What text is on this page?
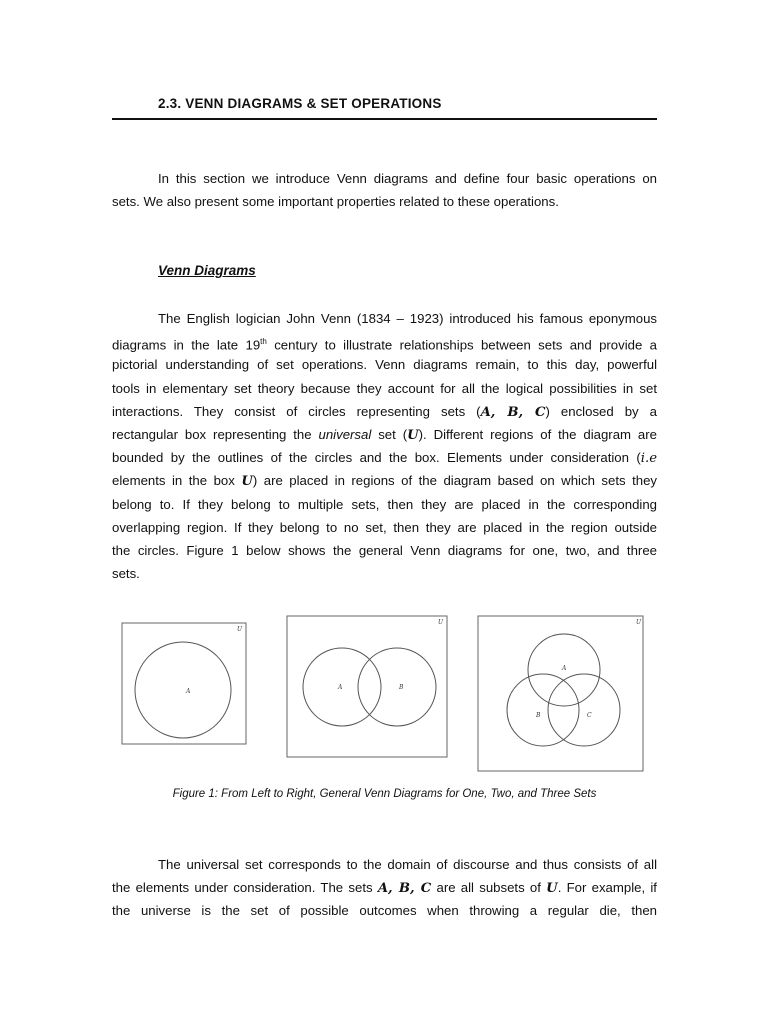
2.3. VENN DIAGRAMS & SET OPERATIONS
In this section we introduce Venn diagrams and define four basic operations on
sets. We also present some important properties related to these operations.
Venn Diagrams
The English logician John Venn (1834 – 1923) introduced his famous eponymous
diagrams in the late 19th century to illustrate relationships between sets and provide a
pictorial understanding of set operations. Venn diagrams remain, to this day, powerful
tools in elementary set theory because they account for all the logical possibilities in set
interactions. They consist of circles representing sets (A, B, C) enclosed by a
rectangular box representing the universal set (U). Different regions of the diagram are
bounded by the outlines of the circles and the box. Elements under consideration (i.e
elements in the box U) are placed in regions of the diagram based on which sets they
belong to. If they belong to multiple sets, then they are placed in the corresponding
overlapping region. If they belong to no set, then they are placed in the region outside
the circles. Figure 1 below shows the general Venn diagrams for one, two, and three
sets.
U
A
U
A	B
U
A
B	C
Figure 1: From Left to Right, General Venn Diagrams for One, Two, and Three Sets
The universal set corresponds to the domain of discourse and thus consists of all
the elements under consideration. The sets A, B, C are all subsets of U. For example, if
the universe is the set of possible outcomes when throwing a regular die, then
